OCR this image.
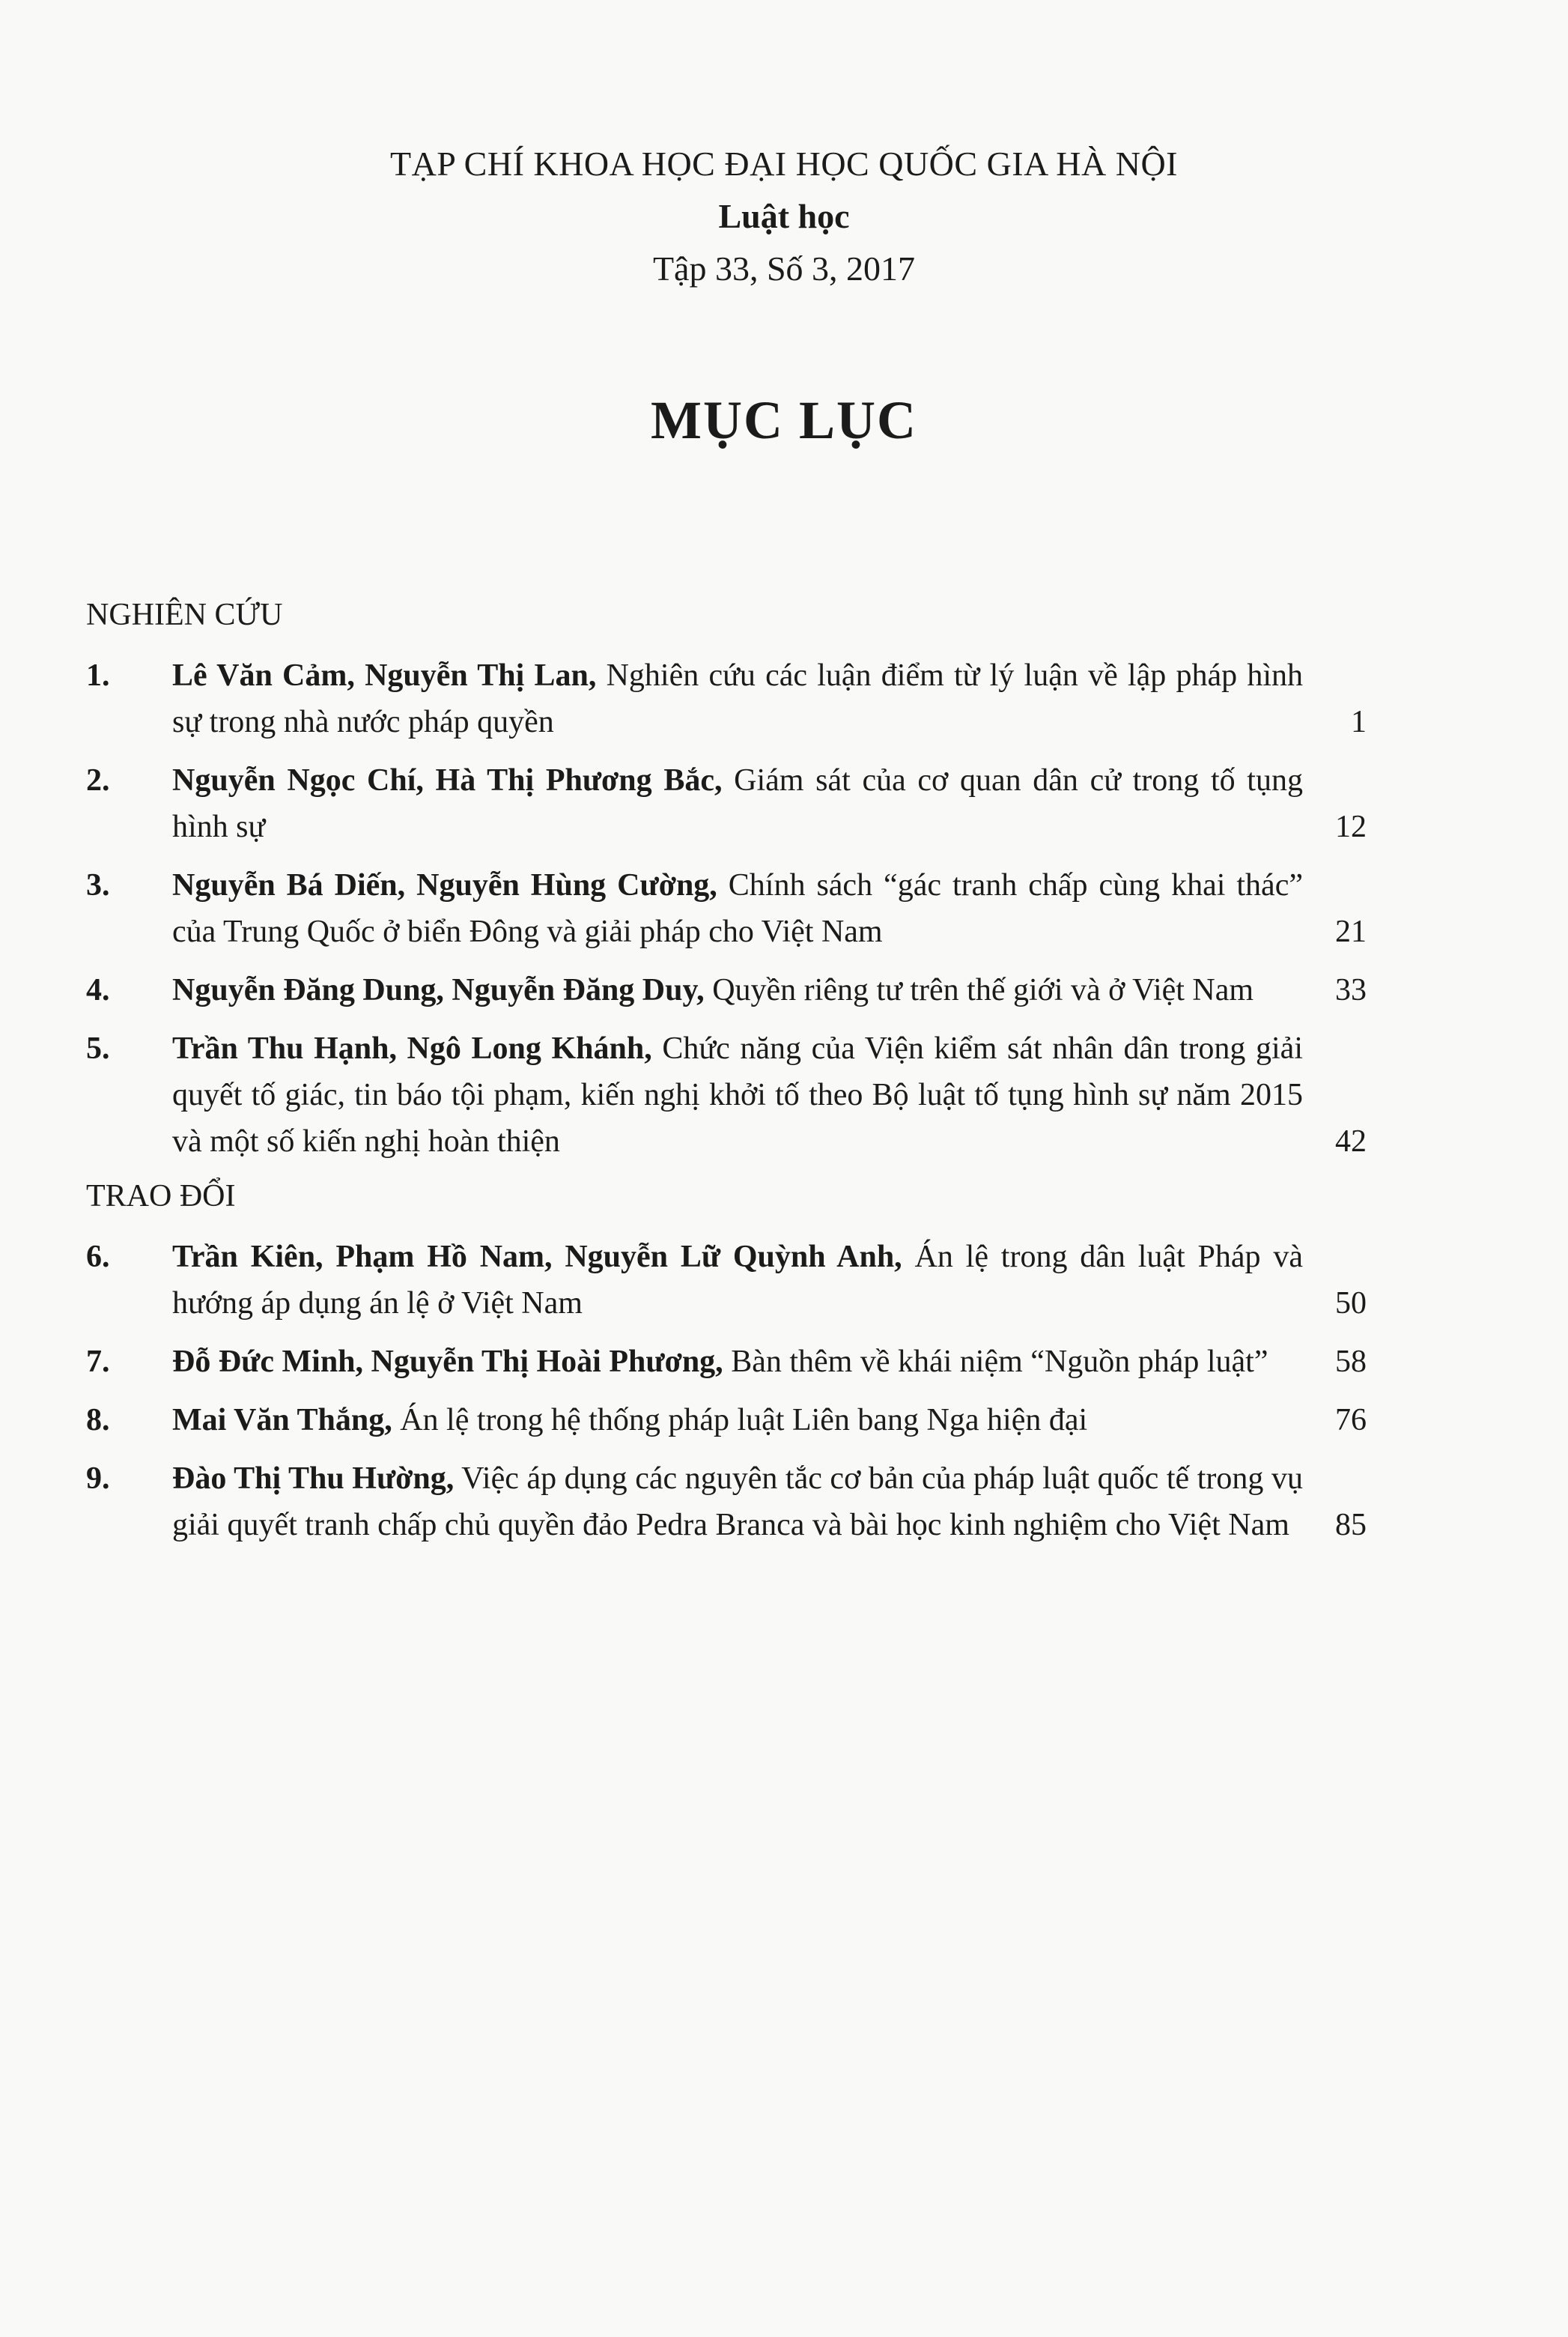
TẠP CHÍ KHOA HỌC ĐẠI HỌC QUỐC GIA HÀ NỘI
Luật học
Tập 33, Số 3, 2017
MỤC LỤC
NGHIÊN CỨU
1. Lê Văn Cảm, Nguyễn Thị Lan, Nghiên cứu các luận điểm từ lý luận về lập pháp hình sự trong nhà nước pháp quyền	1
2. Nguyễn Ngọc Chí, Hà Thị Phương Bắc, Giám sát của cơ quan dân cử trong tố tụng hình sự	12
3. Nguyễn Bá Diến, Nguyễn Hùng Cường, Chính sách “gác tranh chấp cùng khai thác” của Trung Quốc ở biển Đông và giải pháp cho Việt Nam	21
4. Nguyễn Đăng Dung, Nguyễn Đăng Duy, Quyền riêng tư trên thế giới và ở Việt Nam	33
5. Trần Thu Hạnh, Ngô Long Khánh, Chức năng của Viện kiểm sát nhân dân trong giải quyết tố giác, tin báo tội phạm, kiến nghị khởi tố theo Bộ luật tố tụng hình sự năm 2015 và một số kiến nghị hoàn thiện	42
TRAO ĐỔI
6. Trần Kiên, Phạm Hồ Nam, Nguyễn Lữ Quỳnh Anh, Án lệ trong dân luật Pháp và hướng áp dụng án lệ ở Việt Nam	50
7. Đỗ Đức Minh, Nguyễn Thị Hoài Phương, Bàn thêm về khái niệm “Nguồn pháp luật”	58
8. Mai Văn Thắng, Án lệ trong hệ thống pháp luật Liên bang Nga hiện đại	76
9. Đào Thị Thu Hường, Việc áp dụng các nguyên tắc cơ bản của pháp luật quốc tế trong vụ giải quyết tranh chấp chủ quyền đảo Pedra Branca và bài học kinh nghiệm cho Việt Nam	85
